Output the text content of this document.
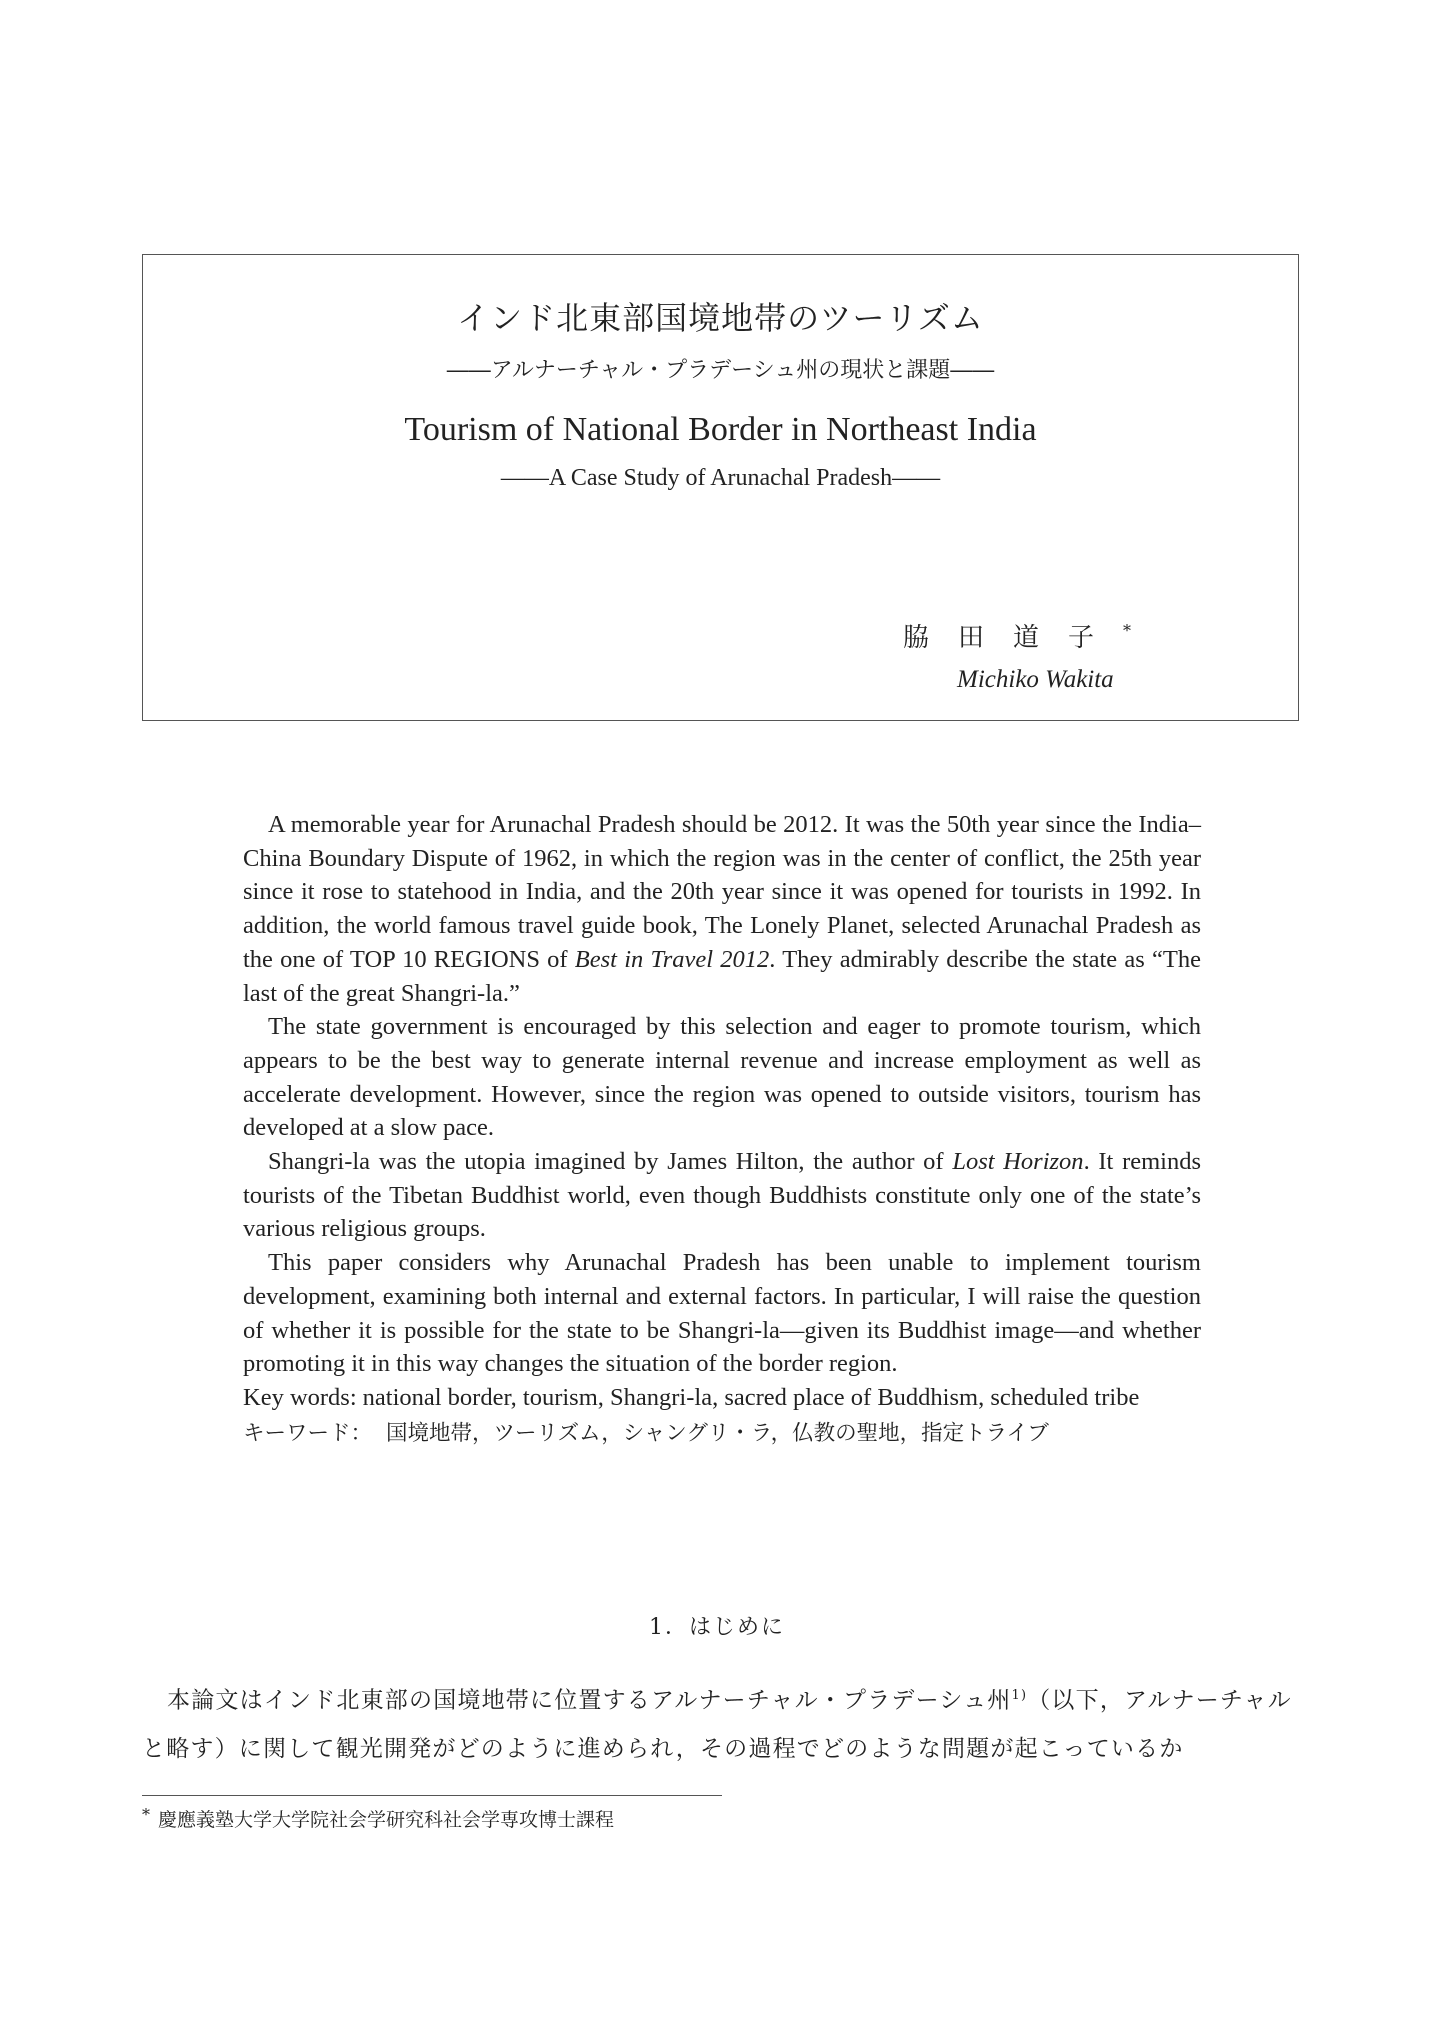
インド北東部国境地帯のツーリズム
――アルナーチャル・プラデーシュ州の現状と課題――
Tourism of National Border in Northeast India
――A Case Study of Arunachal Pradesh――
脇田道子*
Michiko Wakita

A memorable year for Arunachal Pradesh should be 2012. It was the 50th year since the India–China Boundary Dispute of 1962, in which the region was in the center of conflict, the 25th year since it rose to statehood in India, and the 20th year since it was opened for tourists in 1992. In addition, the world famous travel guide book, The Lonely Planet, selected Arunachal Pradesh as the one of TOP 10 REGIONS of Best in Travel 2012. They admirably describe the state as “The last of the great Shangri-la.”

The state government is encouraged by this selection and eager to promote tourism, which appears to be the best way to generate internal revenue and increase employment as well as accelerate development. However, since the region was opened to outside visitors, tourism has developed at a slow pace.

Shangri-la was the utopia imagined by James Hilton, the author of Lost Horizon. It reminds tourists of the Tibetan Buddhist world, even though Buddhists constitute only one of the state’s various religious groups.

This paper considers why Arunachal Pradesh has been unable to implement tourism development, examining both internal and external factors. In particular, I will raise the question of whether it is possible for the state to be Shangri-la—given its Buddhist image—and whether promoting it in this way changes the situation of the border region.

Key words: national border, tourism, Shangri-la, sacred place of Buddhism, scheduled tribe
キーワード： 国境地帯，ツーリズム，シャングリ・ラ，仏教の聖地，指定トライブ
1．はじめに

本論文はインド北東部の国境地帯に位置するアルナーチャル・プラデーシュ州$^{1)}$（以下，アルナーチャルと略す）に関して観光開発がどのように進められ，その過程でどのような問題が起こっているか

* 慶應義塾大学大学院社会学研究科社会学専攻博士課程
